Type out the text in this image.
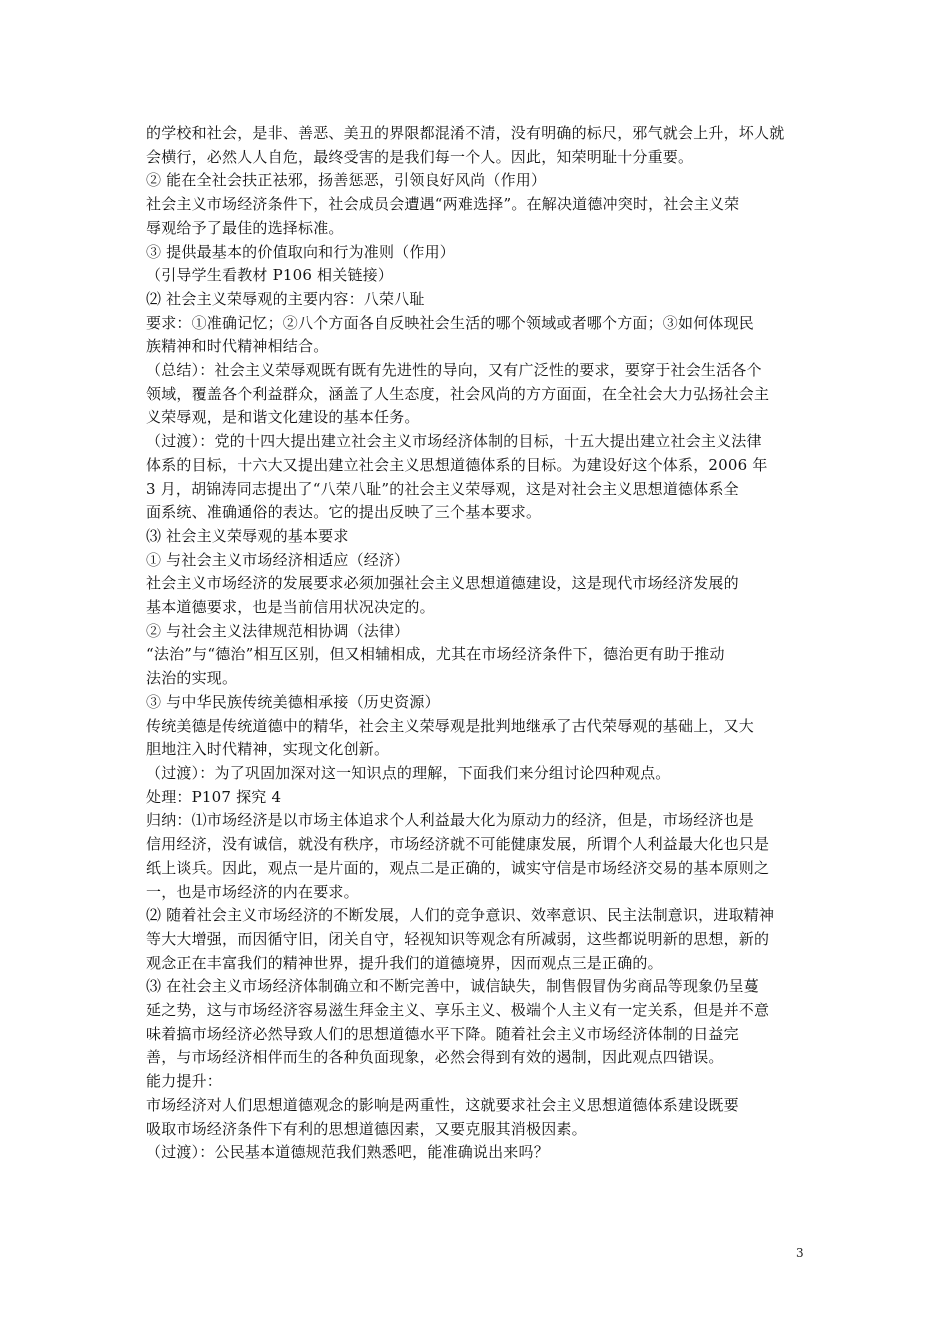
的学校和社会，是非、善恶、美丑的界限都混淆不清，没有明确的标尺，邪气就会上升，坏人就
会横行，必然人人自危，最终受害的是我们每一个人。因此，知荣明耻十分重要。
② 能在全社会扶正祛邪，扬善惩恶，引领良好风尚（作用）
社会主义市场经济条件下，社会成员会遭遇“两难选择”。在解决道德冲突时，社会主义荣
辱观给予了最佳的选择标准。
③ 提供最基本的价值取向和行为准则（作用）
（引导学生看教材 P106 相关链接）
⑵ 社会主义荣辱观的主要内容：八荣八耻
要求：①准确记忆；②八个方面各自反映社会生活的哪个领域或者哪个方面；③如何体现民
族精神和时代精神相结合。
（总结）：社会主义荣辱观既有既有先进性的导向，又有广泛性的要求，要穿于社会生活各个
领域，覆盖各个利益群众，涵盖了人生态度，社会风尚的方方面面，在全社会大力弘扬社会主
义荣辱观，是和谐文化建设的基本任务。
（过渡）：党的十四大提出建立社会主义市场经济体制的目标，十五大提出建立社会主义法律
体系的目标，十六大又提出建立社会主义思想道德体系的目标。为建设好这个体系，2006 年
3 月，胡锦涛同志提出了“八荣八耻”的社会主义荣辱观，这是对社会主义思想道德体系全
面系统、准确通俗的表达。它的提出反映了三个基本要求。
⑶ 社会主义荣辱观的基本要求
① 与社会主义市场经济相适应（经济）
社会主义市场经济的发展要求必须加强社会主义思想道德建设，这是现代市场经济发展的
基本道德要求，也是当前信用状况决定的。
② 与社会主义法律规范相协调（法律）
“法治”与“德治”相互区别，但又相辅相成，尤其在市场经济条件下，德治更有助于推动
法治的实现。
③ 与中华民族传统美德相承接（历史资源）
传统美德是传统道德中的精华，社会主义荣辱观是批判地继承了古代荣辱观的基础上，又大
胆地注入时代精神，实现文化创新。
（过渡）：为了巩固加深对这一知识点的理解，下面我们来分组讨论四种观点。
处理：P107 探究 4
归纳：⑴市场经济是以市场主体追求个人利益最大化为原动力的经济，但是，市场经济也是
信用经济，没有诚信，就没有秩序，市场经济就不可能健康发展，所谓个人利益最大化也只是
纸上谈兵。因此，观点一是片面的，观点二是正确的，诚实守信是市场经济交易的基本原则之
一，也是市场经济的内在要求。
⑵ 随着社会主义市场经济的不断发展，人们的竞争意识、效率意识、民主法制意识，进取精神
等大大增强，而因循守旧，闭关自守，轻视知识等观念有所减弱，这些都说明新的思想，新的
观念正在丰富我们的精神世界，提升我们的道德境界，因而观点三是正确的。
⑶ 在社会主义市场经济体制确立和不断完善中，诚信缺失，制售假冒伪劣商品等现象仍呈蔓
延之势，这与市场经济容易滋生拜金主义、享乐主义、极端个人主义有一定关系，但是并不意
味着搞市场经济必然导致人们的思想道德水平下降。随着社会主义市场经济体制的日益完
善，与市场经济相伴而生的各种负面现象，必然会得到有效的遏制，因此观点四错误。
能力提升：
市场经济对人们思想道德观念的影响是两重性，这就要求社会主义思想道德体系建设既要
吸取市场经济条件下有利的思想道德因素，又要克服其消极因素。
（过渡）：公民基本道德规范我们熟悉吧，能准确说出来吗？
3
